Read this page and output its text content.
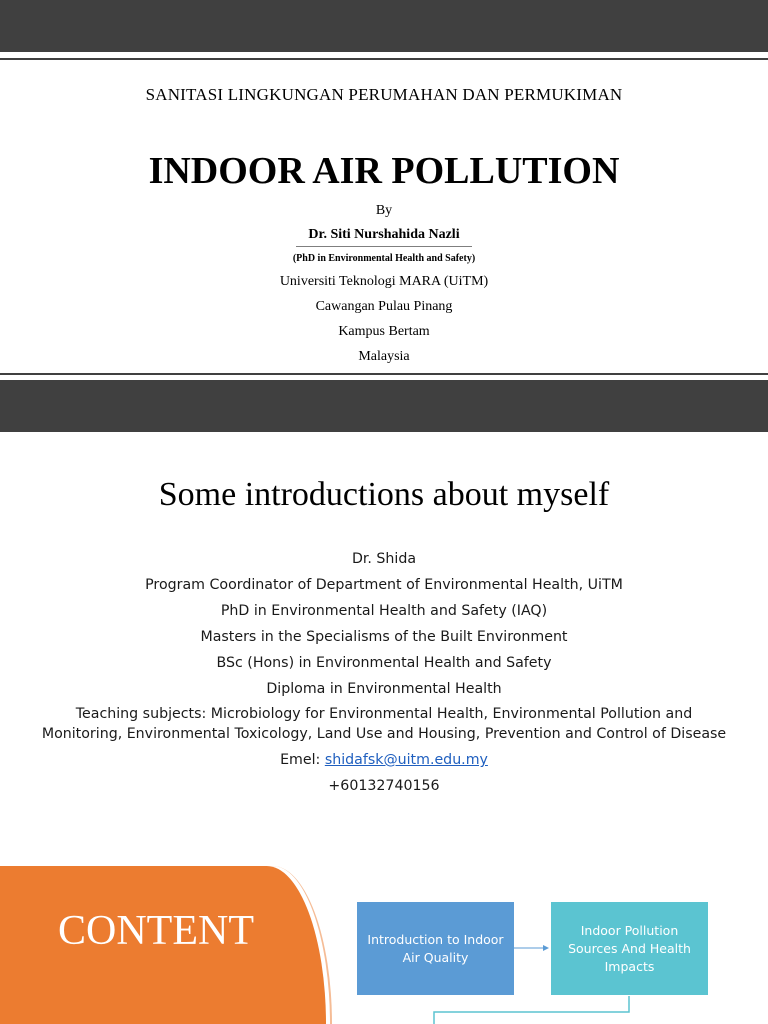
SANITASI LINGKUNGAN PERUMAHAN DAN PERMUKIMAN
INDOOR AIR POLLUTION
By
Dr. Siti Nurshahida Nazli
(PhD in Environmental Health and Safety)
Universiti Teknologi MARA (UiTM)
Cawangan Pulau Pinang
Kampus Bertam
Malaysia
Some introductions about myself
Dr. Shida
Program Coordinator of Department of Environmental Health, UiTM
PhD in Environmental Health and Safety (IAQ)
Masters in the Specialisms of the Built Environment
BSc (Hons) in Environmental Health and Safety
Diploma in Environmental Health
Teaching subjects: Microbiology for Environmental Health, Environmental Pollution and Monitoring, Environmental Toxicology, Land Use and Housing, Prevention and Control of Disease
Emel: shidafsk@uitm.edu.my
+60132740156
CONTENT	Introduction to Indoor Air Quality
Indoor Pollution Sources And Health Impacts
